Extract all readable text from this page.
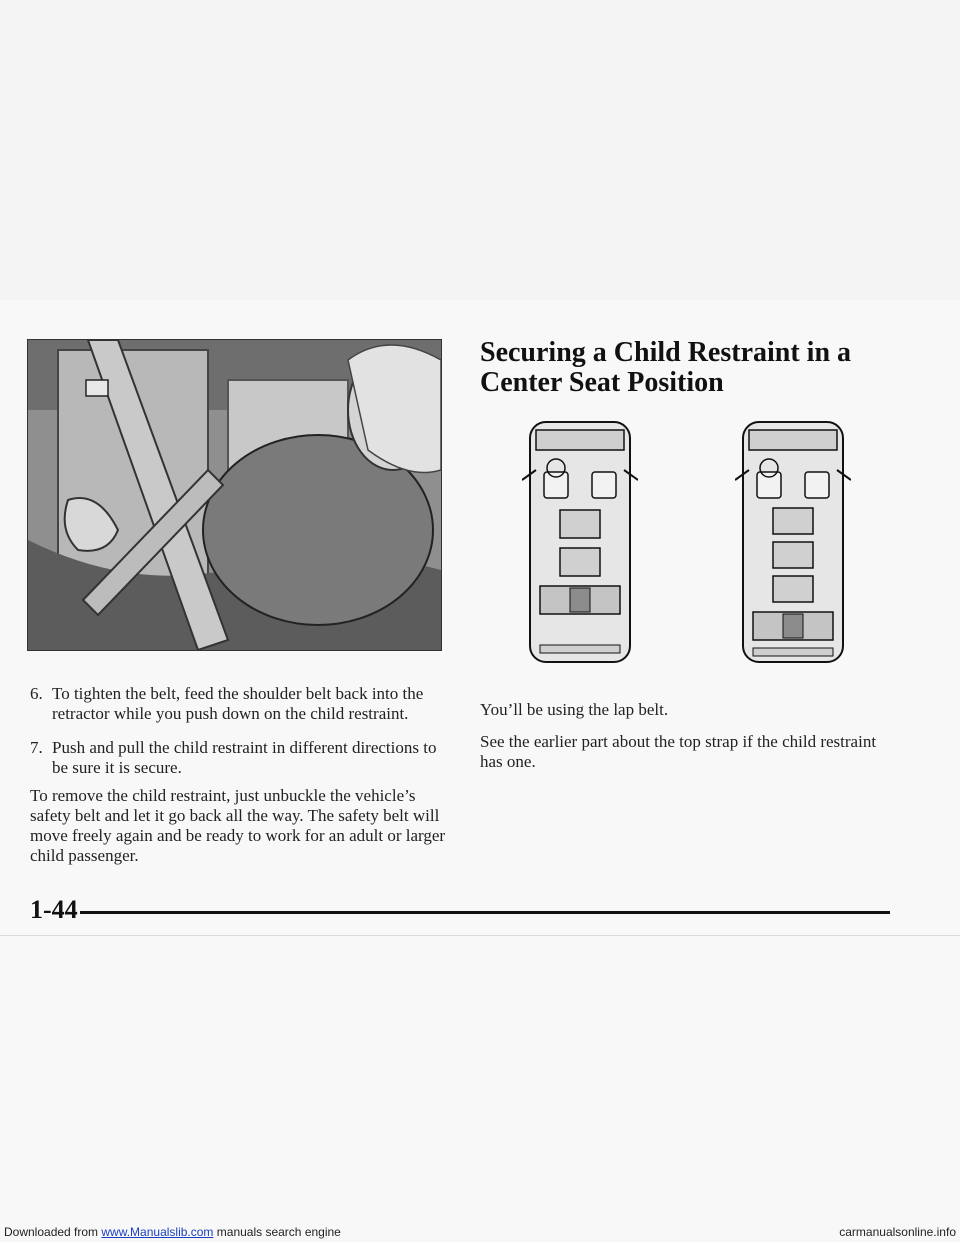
Securing a Child Restraint in a
Center Seat Position
6. To tighten the belt, feed the shoulder belt back into the retractor while you push down on the child restraint.
7. Push and pull the child restraint in different directions to be sure it is secure.

To remove the child restraint, just unbuckle the vehicle’s safety belt and let it go back all the way. The safety belt will move freely again and be ready to work for an adult or larger child passenger.

You’ll be using the lap belt.

See the earlier part about the top strap if the child restraint has one.

1-44
Downloaded from www.Manualslib.com manuals search engine	carmanualsonline.info
